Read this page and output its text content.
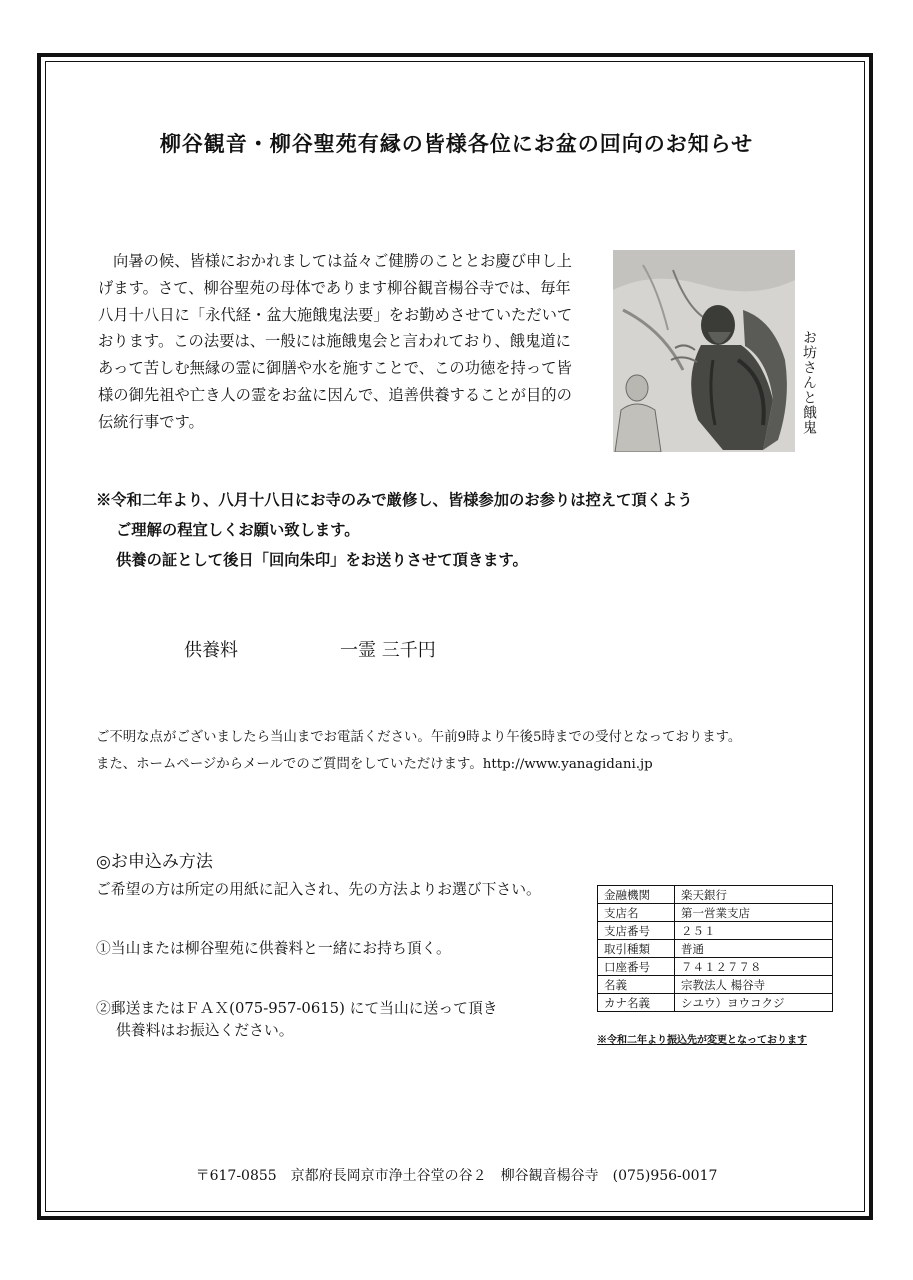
柳谷観音・柳谷聖苑有縁の皆様各位にお盆の回向のお知らせ

向暑の候、皆様におかれましては益々ご健勝のこととお慶び申し上

げます。さて、柳谷聖苑の母体であります柳谷観音楊谷寺では、毎年

八月十八日に「永代経・盆大施餓鬼法要」をお勤めさせていただいて

おります。この法要は、一般には施餓鬼会と言われており、餓鬼道に

あって苦しむ無縁の霊に御膳や水を施すことで、この功徳を持って皆

様の御先祖や亡き人の霊をお盆に因んで、追善供養することが目的の

伝統行事です。	お坊さんと餓鬼

※令和二年より、八月十八日にお寺のみで厳修し、皆様参加のお参りは控えて頂くよう

ご理解の程宜しくお願い致します。

供養の証として後日「回向朱印」をお送りさせて頂きます。

供養料	一霊 三千円

ご不明な点がございましたら当山までお電話ください。午前9時より午後5時までの受付となっております。

また、ホームページからメールでのご質問をしていただけます。http://www.yanagidani.jp

◎お申込み方法
ご希望の方は所定の用紙に記入され、先の方法よりお選び下さい。
①当山または柳谷聖苑に供養料と一緒にお持ち頂く。
②郵送またはＦＡＸ(075-957-0615) にて当山に送って頂き
供養料はお振込ください。
金融機関	楽天銀行
支店名	第一営業支店
支店番号	２５１
取引種類	普通
口座番号	７４１２７７８
名義	宗教法人 楊谷寺
カナ名義	シユウ）ヨウコクジ
※令和二年より振込先が変更となっております
〒617-0855　京都府長岡京市浄土谷堂の谷２　柳谷観音楊谷寺　(075)956-0017
